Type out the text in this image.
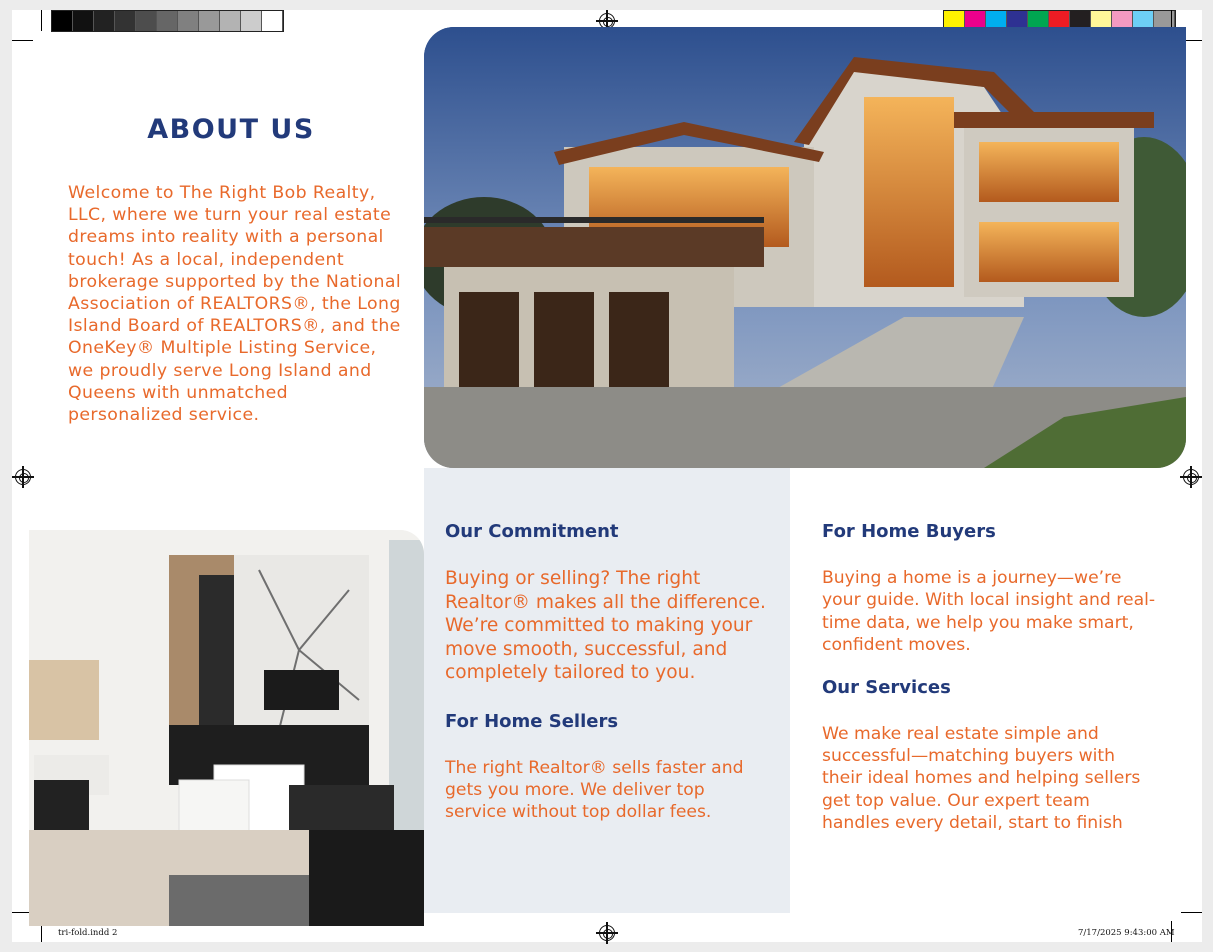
ABOUT US

Welcome to The Right Bob Realty, LLC, where we turn your real estate dreams into reality with a personal touch! As a local, independent brokerage supported by the National Association of REALTORS®, the Long Island Board of REALTORS®, and the OneKey® Multiple Listing Service, we proudly serve Long Island and Queens with unmatched personalized service.

Our Commitment

Buying or selling? The right Realtor® makes all the difference. We’re committed to making your move smooth, successful, and completely tailored to you.

For Home Sellers

The right Realtor® sells faster and gets you more. We deliver top service without top dollar fees.

For Home Buyers

Buying a home is a journey—we’re your guide. With local insight and real-time data, we help you make smart, confident moves.

Our Services

We make real estate simple and successful—matching buyers with their ideal homes and helping sellers get top value. Our expert team handles every detail, start to finish

tri-fold.indd 2	7/17/2025 9:43:00 AM
